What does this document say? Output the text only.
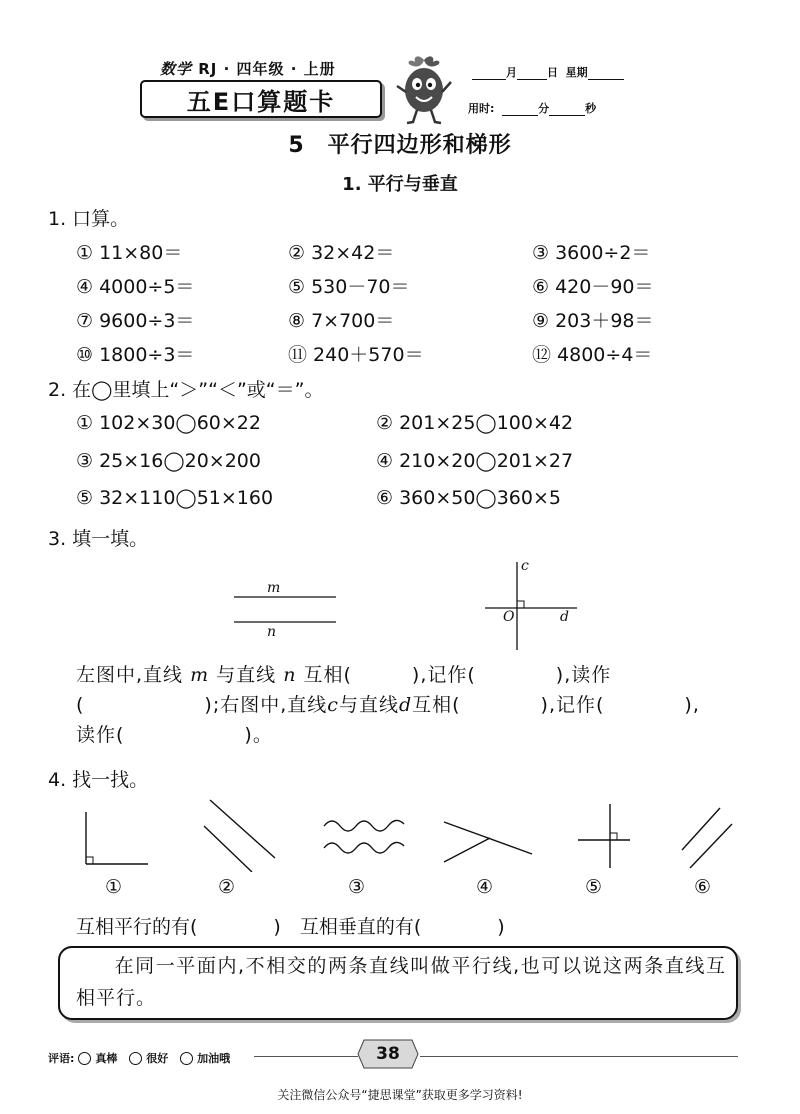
数学 RJ · 四年级 · 上册
五E口算题卡
月	日 星期
用时:	分	秒
5　平行四边形和梯形
1. 平行与垂直
1. 口算。
① 11×80＝	② 32×42＝	③ 3600÷2＝
④ 4000÷5＝	⑤ 530－70＝	⑥ 420－90＝
⑦ 9600÷3＝	⑧ 7×700＝	⑨ 203＋98＝
⑩ 1800÷3＝	⑪ 240＋570＝	⑫ 4800÷4＝
2. 在◯里填上“＞”“＜”或“＝”。
① 102×30◯60×22	② 201×25◯100×42
③ 25×16◯20×200	④ 210×20◯201×27
⑤ 32×110◯51×160	⑥ 360×50◯360×5
3. 填一填。
m
n
c
O	d
左图中,直线 m 与直线 n 互相(　　　),记作(　　　　),读作
(　　　　　　);右图中,直线c与直线d互相(　　　　),记作(　　　　),
读作(　　　　　　)。
4. 找一找。
①	②	③	④	⑤	⑥
互相平行的有(　　　　)　互相垂直的有(　　　　)
在同一平面内,不相交的两条直线叫做平行线,也可以说这两条直线互相平行。
评语: 真棒
	很好
	加油哦	38
关注微信公众号“捷思课堂”获取更多学习资料!
